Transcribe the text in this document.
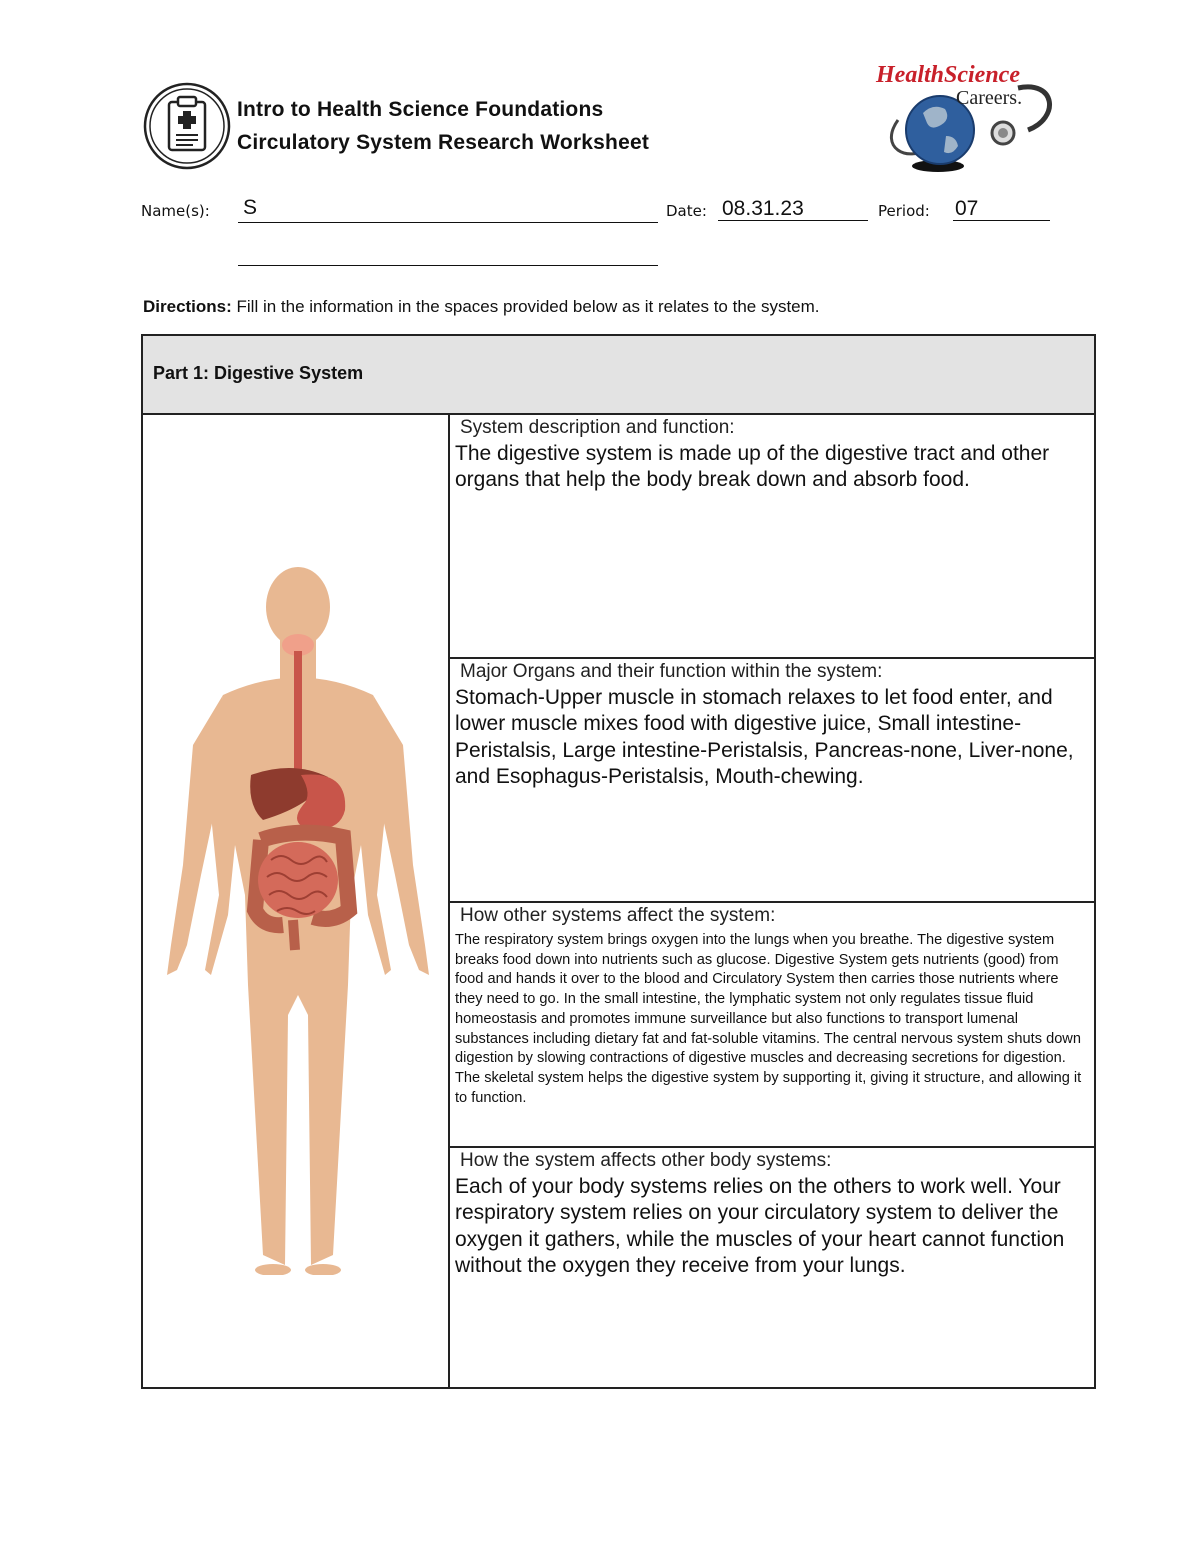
Intro to Health Science Foundations
Circulatory System Research Worksheet
HealthScience
Careers.
Name(s): S	Date: 08.31.23	Period: 07
Directions: Fill in the information in the spaces provided below as it relates to the system.
Part 1: Digestive System
System description and function:
The digestive system is made up of the digestive tract and other organs that help the body break down and absorb food.
Major Organs and their function within the system:
Stomach-Upper muscle in stomach relaxes to let food enter, and lower muscle mixes food with digestive juice, Small intestine-Peristalsis, Large intestine-Peristalsis, Pancreas-none, Liver-none, and Esophagus-Peristalsis, Mouth-chewing.
How other systems affect the system:
The respiratory system brings oxygen into the lungs when you breathe. The digestive system breaks food down into nutrients such as glucose. Digestive System gets nutrients (good) from food and hands it over to the blood and Circulatory System then carries those nutrients where they need to go. In the small intestine, the lymphatic system not only regulates tissue fluid homeostasis and promotes immune surveillance but also functions to transport lumenal substances including dietary fat and fat-soluble vitamins. The central nervous system shuts down digestion by slowing contractions of digestive muscles and decreasing secretions for digestion. The skeletal system helps the digestive system by supporting it, giving it structure, and allowing it to function.
How the system affects other body systems:
Each of your body systems relies on the others to work well. Your respiratory system relies on your circulatory system to deliver the oxygen it gathers, while the muscles of your heart cannot function without the oxygen they receive from your lungs.
